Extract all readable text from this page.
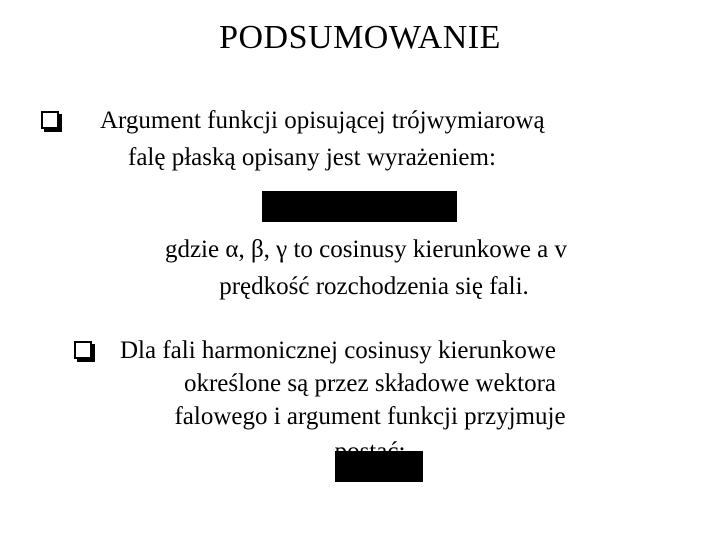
PODSUMOWANIE
Argument funkcji opisującej trójwymiarową
falę płaską opisany jest wyrażeniem:
gdzie α, β, γ to cosinusy kierunkowe a v
prędkość rozchodzenia się fali.
Dla fali harmonicznej cosinusy kierunkowe
określone są przez składowe wektora
falowego i argument funkcji przyjmuje
